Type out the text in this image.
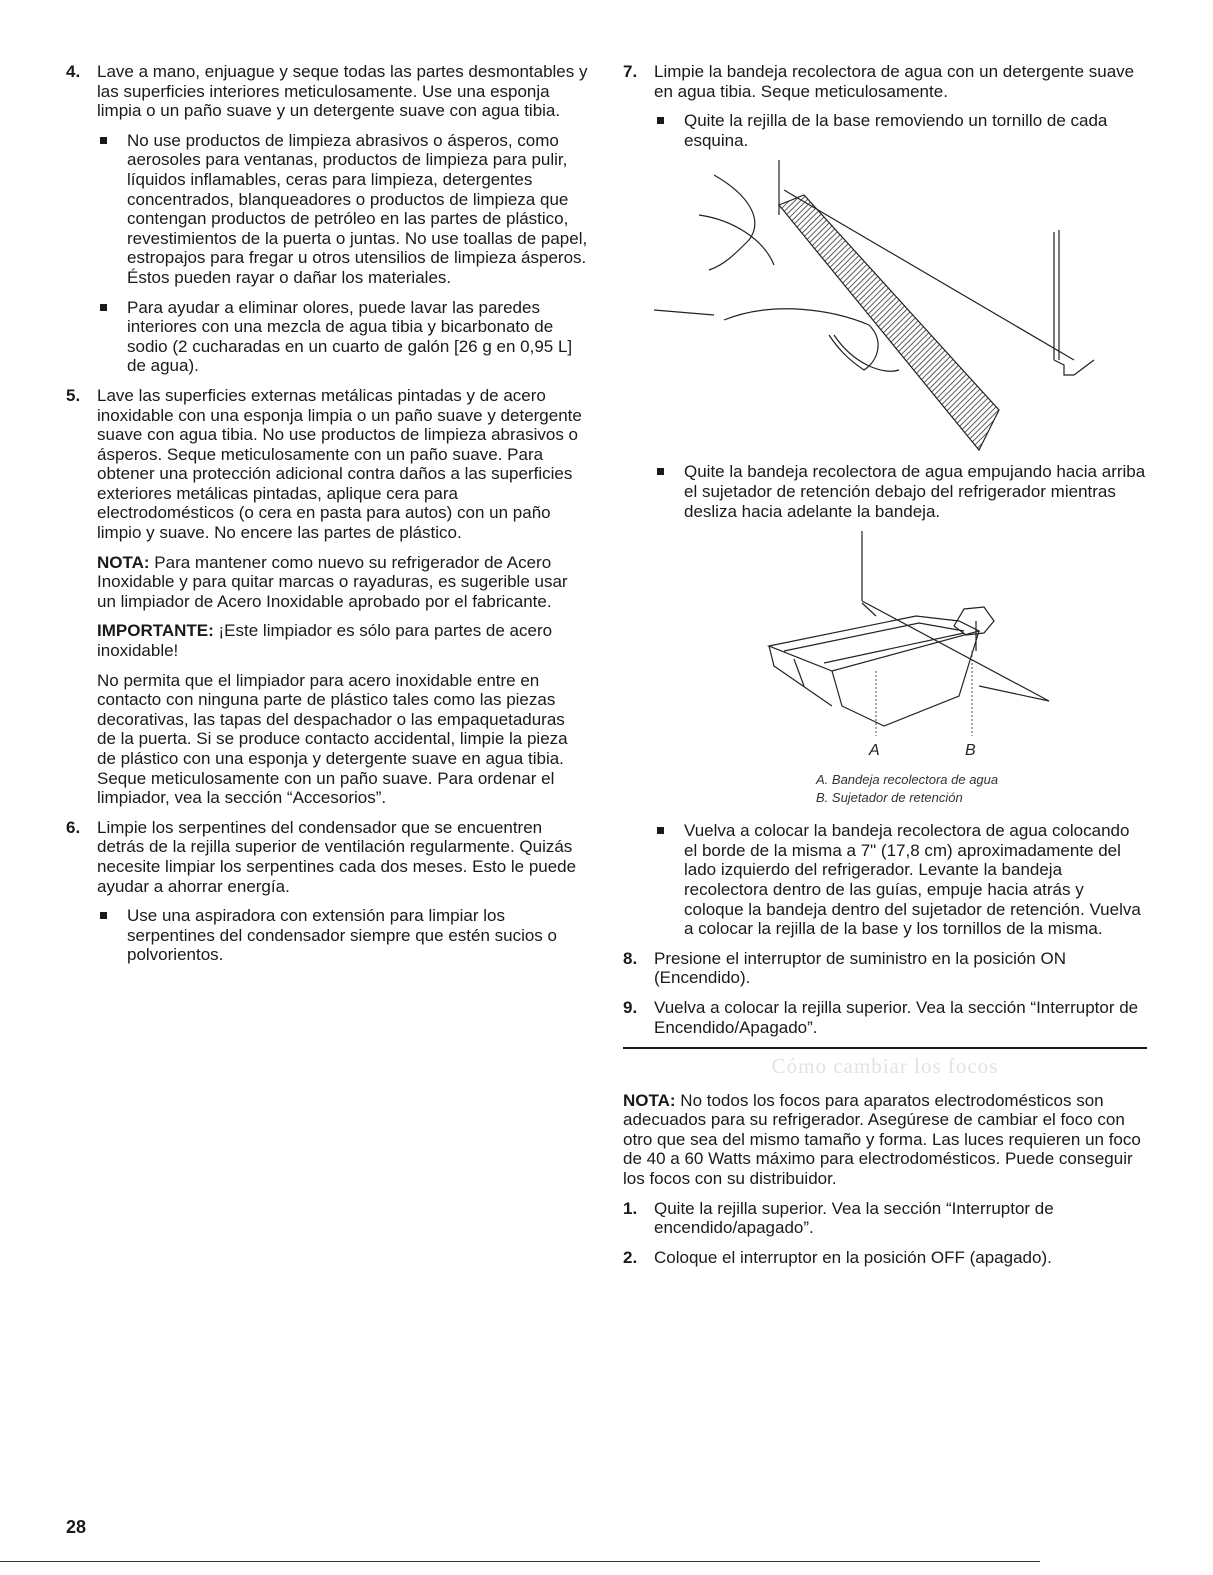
4. Lave a mano, enjuague y seque todas las partes desmontables y las superficies interiores meticulosamente. Use una esponja limpia o un paño suave y un detergente suave con agua tibia.

No use productos de limpieza abrasivos o ásperos, como aerosoles para ventanas, productos de limpieza para pulir, líquidos inflamables, ceras para limpieza, detergentes concentrados, blanqueadores o productos de limpieza que contengan productos de petróleo en las partes de plástico, revestimientos de la puerta o juntas. No use toallas de papel, estropajos para fregar u otros utensilios de limpieza ásperos. Éstos pueden rayar o dañar los materiales.
Para ayudar a eliminar olores, puede lavar las paredes interiores con una mezcla de agua tibia y bicarbonato de sodio (2 cucharadas en un cuarto de galón [26 g en 0,95 L] de agua).
5. Lave las superficies externas metálicas pintadas y de acero inoxidable con una esponja limpia o un paño suave y detergente suave con agua tibia. No use productos de limpieza abrasivos o ásperos. Seque meticulosamente con un paño suave. Para obtener una protección adicional contra daños a las superficies exteriores metálicas pintadas, aplique cera para electrodomésticos (o cera en pasta para autos) con un paño limpio y suave. No encere las partes de plástico.

NOTA: Para mantener como nuevo su refrigerador de Acero Inoxidable y para quitar marcas o rayaduras, es sugerible usar un limpiador de Acero Inoxidable aprobado por el fabricante.

IMPORTANTE: ¡Este limpiador es sólo para partes de acero inoxidable!

No permita que el limpiador para acero inoxidable entre en contacto con ninguna parte de plástico tales como las piezas decorativas, las tapas del despachador o las empaquetaduras de la puerta. Si se produce contacto accidental, limpie la pieza de plástico con una esponja y detergente suave en agua tibia. Seque meticulosamente con un paño suave. Para ordenar el limpiador, vea la sección “Accesorios”.

6. Limpie los serpentines del condensador que se encuentren detrás de la rejilla superior de ventilación regularmente. Quizás necesite limpiar los serpentines cada dos meses. Esto le puede ayudar a ahorrar energía.

Use una aspiradora con extensión para limpiar los serpentines del condensador siempre que estén sucios o polvorientos.
7. Limpie la bandeja recolectora de agua con un detergente suave en agua tibia. Seque meticulosamente.

Quite la rejilla de la base removiendo un tornillo de cada esquina.
Quite la bandeja recolectora de agua empujando hacia arriba el sujetador de retención debajo del refrigerador mientras desliza hacia adelante la bandeja.
A	B
A. Bandeja recolectora de agua
B. Sujetador de retención
Vuelva a colocar la bandeja recolectora de agua colocando el borde de la misma a 7" (17,8 cm) aproximadamente del lado izquierdo del refrigerador. Levante la bandeja recolectora dentro de las guías, empuje hacia atrás y coloque la bandeja dentro del sujetador de retención. Vuelva a colocar la rejilla de la base y los tornillos de la misma.
8. Presione el interruptor de suministro en la posición ON (Encendido).
9. Vuelva a colocar la rejilla superior. Vea la sección “Interruptor de Encendido/Apagado”.
Cómo cambiar los focos

NOTA: No todos los focos para aparatos electrodomésticos son adecuados para su refrigerador. Asegúrese de cambiar el foco con otro que sea del mismo tamaño y forma. Las luces requieren un foco de 40 a 60 Watts máximo para electrodomésticos. Puede conseguir los focos con su distribuidor.

1. Quite la rejilla superior. Vea la sección “Interruptor de encendido/apagado”.
2. Coloque el interruptor en la posición OFF (apagado).
28
